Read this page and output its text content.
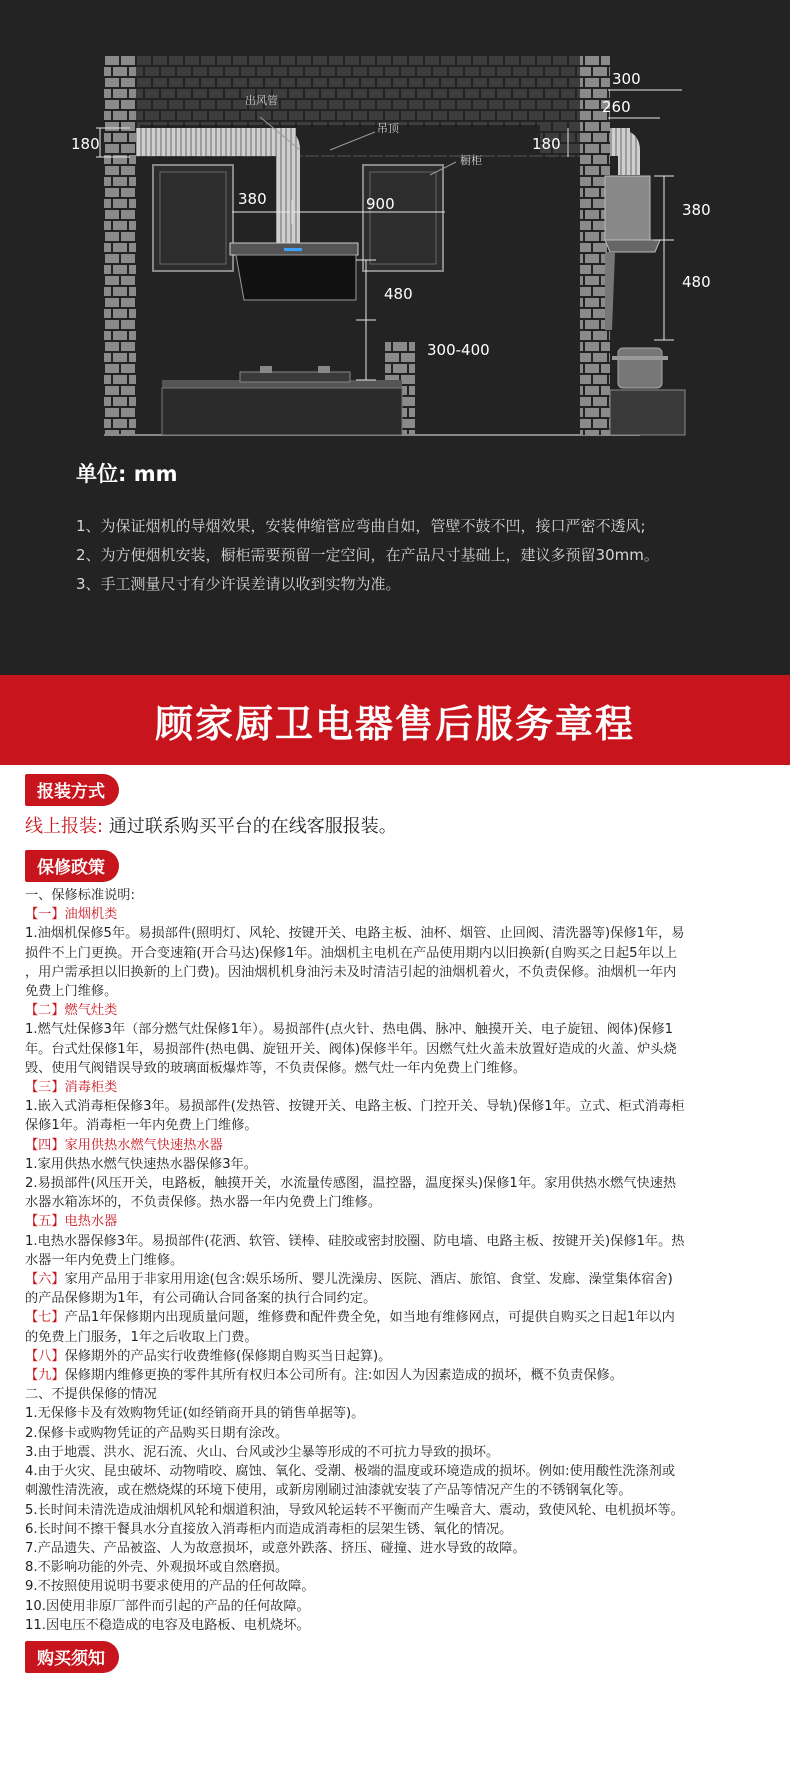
出风管
吊顶
橱柜
180
380	900
480
300-400
300
260
180
380
480
单位: mm
1、为保证烟机的导烟效果，安装伸缩管应弯曲自如，管壁不鼓不凹，接口严密不透风;
2、为方便烟机安装，橱柜需要预留一定空间，在产品尺寸基础上，建议多预留30mm。
3、手工测量尺寸有少许误差请以收到实物为准。
顾家厨卫电器售后服务章程
报装方式
线上报装: 通过联系购买平台的在线客服报装。
保修政策
一、保修标准说明:
【一】油烟机类
1.油烟机保修5年。易损部件(照明灯、风轮、按键开关、电路主板、油杯、烟管、止回阀、清洗器等)保修1年，易
损件不上门更换。开合变速箱(开合马达)保修1年。油烟机主电机在产品使用期内以旧换新(自购买之日起5年以上
，用户需承担以旧换新的上门费)。因油烟机机身油污未及时清洁引起的油烟机着火，不负责保修。油烟机一年内
免费上门维修。
【二】燃气灶类
1.燃气灶保修3年（部分燃气灶保修1年）。易损部件(点火针、热电偶、脉冲、触摸开关、电子旋钮、阀体)保修1
年。台式灶保修1年，易损部件(热电偶、旋钮开关、阀体)保修半年。因燃气灶火盖未放置好造成的火盖、炉头烧
毁、使用气阀错误导致的玻璃面板爆炸等，不负责保修。燃气灶一年内免费上门维修。
【三】消毒柜类
1.嵌入式消毒柜保修3年。易损部件(发热管、按键开关、电路主板、门控开关、导轨)保修1年。立式、柜式消毒柜
保修1年。消毒柜一年内免费上门维修。
【四】家用供热水燃气快速热水器
1.家用供热水燃气快速热水器保修3年。
2.易损部件(风压开关，电路板，触摸开关，水流量传感图，温控器，温度探头)保修1年。家用供热水燃气快速热
水器水箱冻坏的，不负责保修。热水器一年内免费上门维修。
【五】电热水器
1.电热水器保修3年。易损部件(花洒、软管、镁棒、硅胶或密封胶圈、防电墙、电路主板、按键开关)保修1年。热
水器一年内免费上门维修。
【六】家用产品用于非家用用途(包含:娱乐场所、婴儿洗澡房、医院、酒店、旅馆、食堂、发廊、澡堂集体宿舍)
的产品保修期为1年，有公司确认合同备案的执行合同约定。
【七】产品1年保修期内出现质量问题，维修费和配件费全免，如当地有维修网点，可提供自购买之日起1年以内
的免费上门服务，1年之后收取上门费。
【八】保修期外的产品实行收费维修(保修期自购买当日起算)。
【九】保修期内维修更换的零件其所有权归本公司所有。注:如因人为因素造成的损坏，概不负责保修。
二、不提供保修的情况
1.无保修卡及有效购物凭证(如经销商开具的销售单据等)。
2.保修卡或购物凭证的产品购买日期有涂改。
3.由于地震、洪水、泥石流、火山、台风或沙尘暴等形成的不可抗力导致的损坏。
4.由于火灾、昆虫破坏、动物啃咬、腐蚀、氧化、受潮、极端的温度或环境造成的损坏。例如:使用酸性洗涤剂或
刺激性清洗液，或在燃烧煤的环境下使用，或新房刚刷过油漆就安装了产品等情况产生的不锈钢氧化等。
5.长时间未清洗造成油烟机风轮和烟道积油，导致风轮运转不平衡而产生噪音大、震动，致使风轮、电机损坏等。
6.长时间不擦干餐具水分直接放入消毒柜内而造成消毒柜的层架生锈、氧化的情况。
7.产品遗失、产品被盗、人为故意损坏，或意外跌落、挤压、碰撞、进水导致的故障。
8.不影响功能的外壳、外观损坏或自然磨损。
9.不按照使用说明书要求使用的产品的任何故障。
10.因使用非原厂部件而引起的产品的任何故障。
11.因电压不稳造成的电容及电路板、电机烧坏。
购买须知
